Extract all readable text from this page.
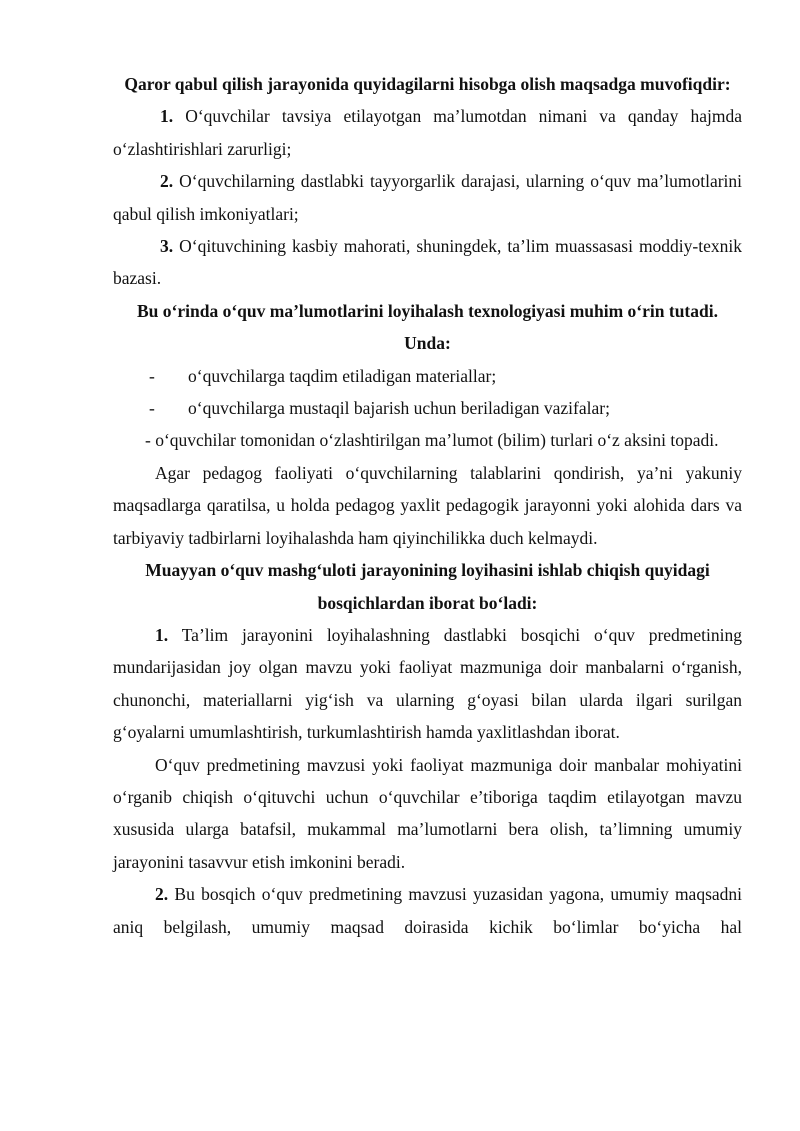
Qaror qabul qilish jarayonida quyidagilarni hisobga olish maqsadga muvofiqdir:

1. O‘quvchilar tavsiya etilayotgan ma’lumotdan nimani va qanday hajmda o‘zlashtirishlari zarurligi;

2. O‘quvchilarning dastlabki tayyorgarlik darajasi, ularning o‘quv ma’lumotlarini qabul qilish imkoniyatlari;

3. O‘qituvchining kasbiy mahorati, shuningdek, ta’lim muassasasi moddiy-texnik bazasi.

Bu o‘rinda o‘quv ma’lumotlarini loyihalash texnologiyasi muhim o‘rin tutadi. Unda:

- o‘quvchilarga taqdim etiladigan materiallar;

- o‘quvchilarga mustaqil bajarish uchun beriladigan vazifalar;

- o‘quvchilar tomonidan o‘zlashtirilgan ma’lumot (bilim) turlari o‘z aksini topadi.

Agar pedagog faoliyati o‘quvchilarning talablarini qondirish, ya’ni yakuniy maqsadlarga qaratilsa, u holda pedagog yaxlit pedagogik jarayonni yoki alohida dars va tarbiyaviy tadbirlarni loyihalashda ham qiyinchilikka duch kelmaydi.

Muayyan o‘quv mashg‘uloti jarayonining loyihasini ishlab chiqish quyidagi bosqichlardan iborat bo‘ladi:

1. Ta’lim jarayonini loyihalashning dastlabki bosqichi o‘quv predmetining mundarijasidan joy olgan mavzu yoki faoliyat mazmuniga doir manbalarni o‘rganish, chunonchi, materiallarni yig‘ish va ularning g‘oyasi bilan ularda ilgari surilgan g‘oyalarni umumlashtirish, turkumlashtirish hamda yaxlitlashdan iborat.

O‘quv predmetining mavzusi yoki faoliyat mazmuniga doir manbalar mohiyatini o‘rganib chiqish o‘qituvchi uchun o‘quvchilar e’tiboriga taqdim etilayotgan mavzu xususida ularga batafsil, mukammal ma’lumotlarni bera olish, ta’limning umumiy jarayonini tasavvur etish imkonini beradi.

2. Bu bosqich o‘quv predmetining mavzusi yuzasidan yagona, umumiy maqsadni aniq belgilash, umumiy maqsad doirasida kichik bo‘limlar bo‘yicha hal
